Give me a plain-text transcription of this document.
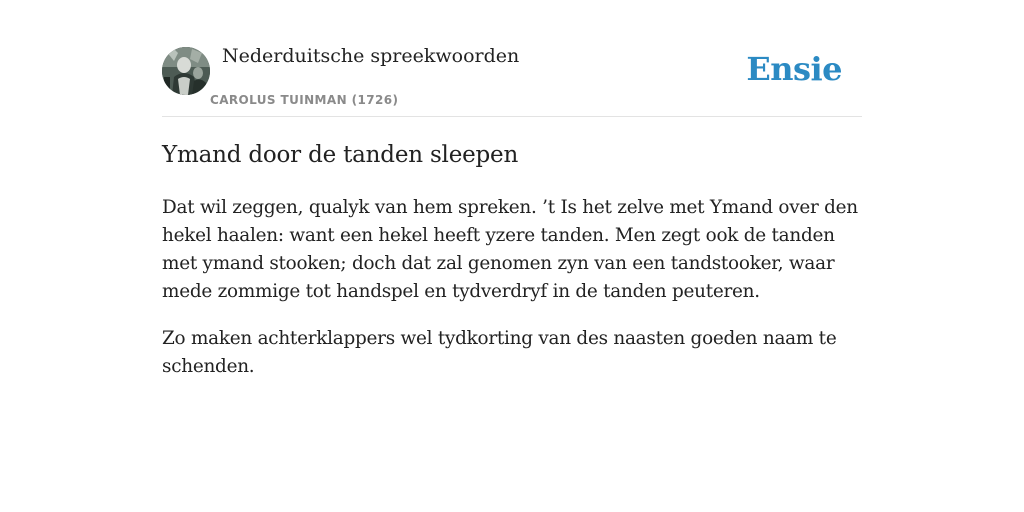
Nederduitsche spreekwoorden
CAROLUS TUINMAN (1726)
Ensie
Ymand door de tanden sleepen

Dat wil zeggen, qualyk van hem spreken. ’t Is het zelve met Ymand over den hekel haalen: want een hekel heeft yzere tanden. Men zegt ook de tanden met ymand stooken; doch dat zal genomen zyn van een tandstooker, waar mede zommige tot handspel en tydverdryf in de tanden peuteren.

Zo maken achterklappers wel tydkorting van des naasten goeden naam te schenden.
